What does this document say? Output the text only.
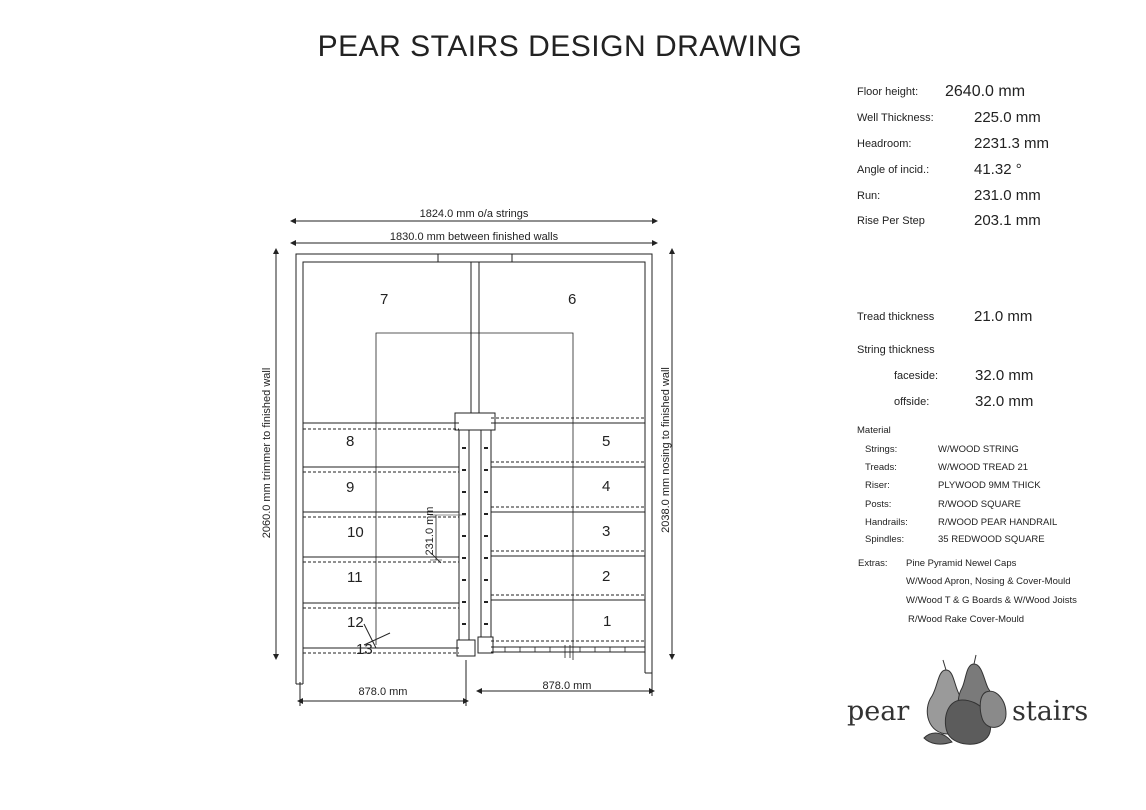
PEAR STAIRS DESIGN DRAWING
Floor height: 2640.0 mm
Well Thickness:	225.0 mm
Headroom:	2231.3 mm
Angle of incid.:	41.32 °
Run:	231.0 mm
Rise Per Step	203.1 mm
Tread thickness	21.0 mm
String thickness
faceside: 32.0 mm
offside:	32.0 mm
Material
Strings:	W/WOOD STRING
Treads:	W/WOOD TREAD 21
Riser:	PLYWOOD 9MM THICK
Posts:	R/WOOD SQUARE
Handrails:	R/WOOD PEAR HANDRAIL
Spindles:	35 REDWOOD SQUARE
Extras: Pine Pyramid Newel Caps
W/Wood Apron, Nosing & Cover-Mould
W/Wood T & G Boards & W/Wood Joists
R/Wood Rake Cover-Mould
1824.0 mm o/a strings
1830.0 mm between finished walls
2060.0 mm trimmer to finished wall	2038.0 mm nosing to finished wall
231.0 mm
878.0 mm	878.0 mm
1
2
3
4
5
6
7
8
9
10
11
12
13
pear	stairs
